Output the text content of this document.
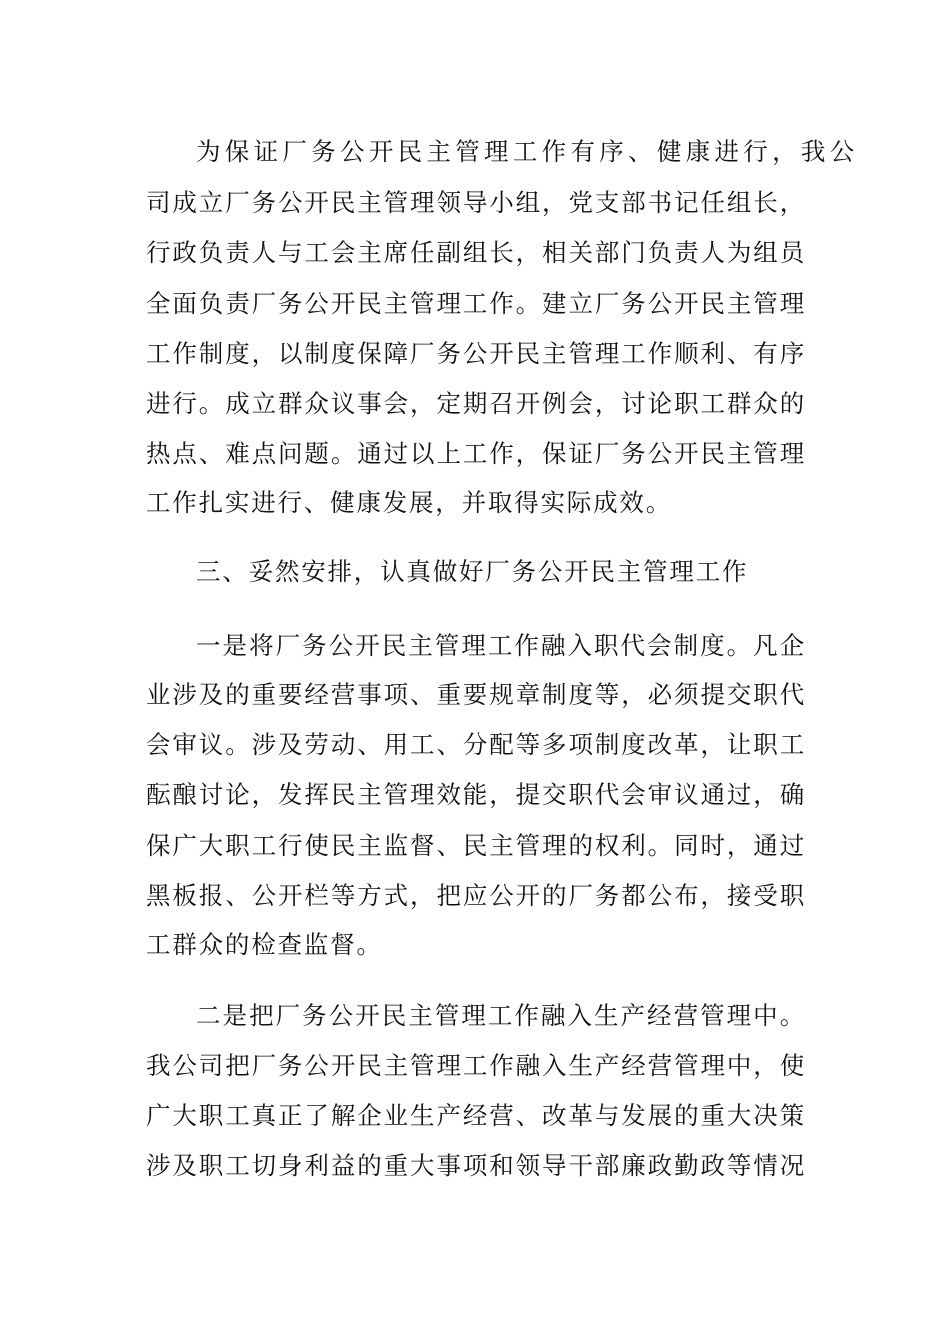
为保证厂务公开民主管理工作有序、健康进行，我公
司成立厂务公开民主管理领导小组，党支部书记任组长，
行政负责人与工会主席任副组长，相关部门负责人为组员
全面负责厂务公开民主管理工作。建立厂务公开民主管理
工作制度，以制度保障厂务公开民主管理工作顺利、有序
进行。成立群众议事会，定期召开例会，讨论职工群众的
热点、难点问题。通过以上工作，保证厂务公开民主管理
工作扎实进行、健康发展，并取得实际成效。
三、妥然安排，认真做好厂务公开民主管理工作
一是将厂务公开民主管理工作融入职代会制度。凡企
业涉及的重要经营事项、重要规章制度等，必须提交职代
会审议。涉及劳动、用工、分配等多项制度改革，让职工
酝酿讨论，发挥民主管理效能，提交职代会审议通过，确
保广大职工行使民主监督、民主管理的权利。同时，通过
黑板报、公开栏等方式，把应公开的厂务都公布，接受职
工群众的检查监督。
二是把厂务公开民主管理工作融入生产经营管理中。
我公司把厂务公开民主管理工作融入生产经营管理中，使
广大职工真正了解企业生产经营、改革与发展的重大决策
涉及职工切身利益的重大事项和领导干部廉政勤政等情况
